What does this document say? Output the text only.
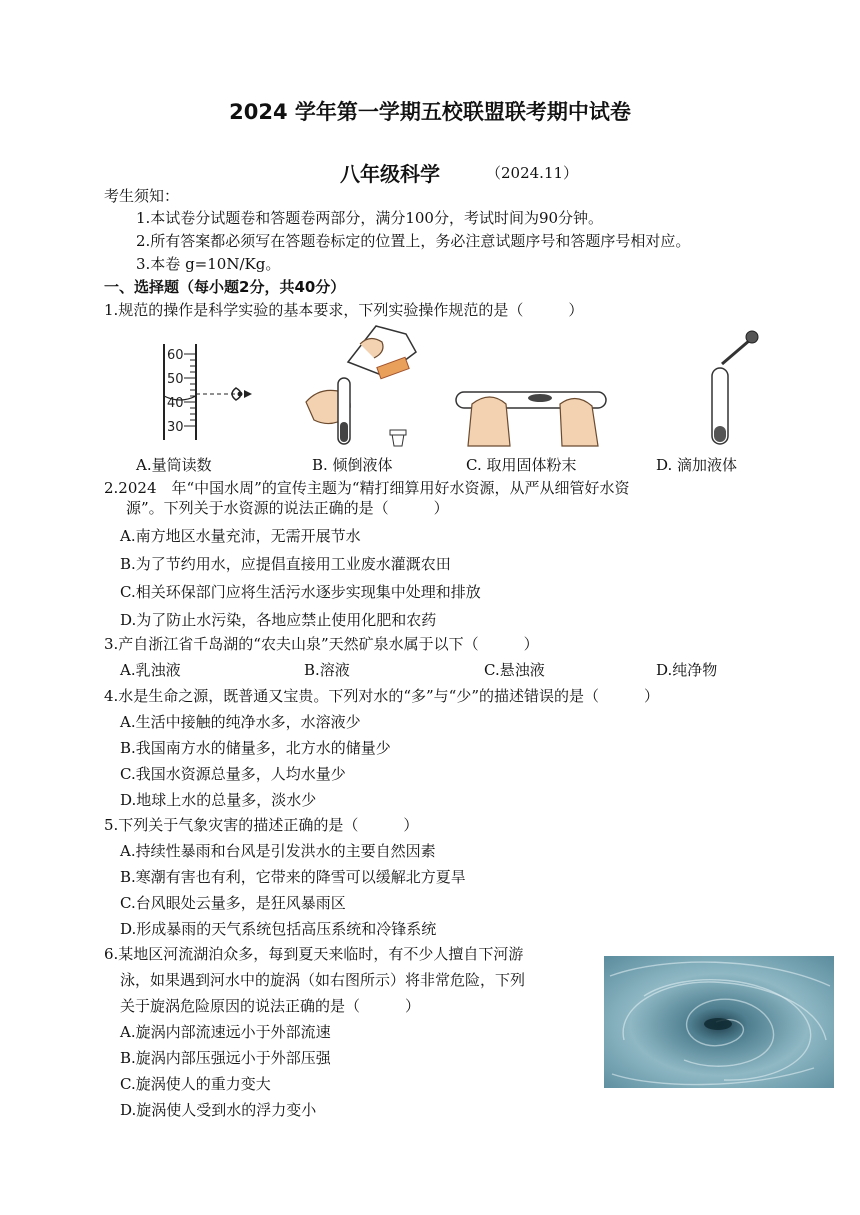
2024 学年第一学期五校联盟联考期中试卷
八年级科学	（2024.11）
考生须知：
1.本试卷分试题卷和答题卷两部分，满分100分，考试时间为90分钟。
2.所有答案都必须写在答题卷标定的位置上，务必注意试题序号和答题序号相对应。
3.本卷 g=10N/Kg。
一、选择题（每小题2分，共40分）
1.规范的操作是科学实验的基本要求，下列实验操作规范的是（　　　）
60
50
40
30
A.量筒读数	B. 倾倒液体	C. 取用固体粉末	D. 滴加液体
2.2024　年“中国水周”的宣传主题为“精打细算用好水资源，从严从细管好水资
源”。下列关于水资源的说法正确的是（　　　）
A.南方地区水量充沛，无需开展节水
B.为了节约用水，应提倡直接用工业废水灌溉农田
C.相关环保部门应将生活污水逐步实现集中处理和排放
D.为了防止水污染，各地应禁止使用化肥和农药
3.产自浙江省千岛湖的“农夫山泉”天然矿泉水属于以下（　　　）
A.乳浊液	B.溶液	C.悬浊液	D.纯净物
4.水是生命之源，既普通又宝贵。下列对水的“多”与“少”的描述错误的是（　　　）
A.生活中接触的纯净水多，水溶液少
B.我国南方水的储量多，北方水的储量少
C.我国水资源总量多，人均水量少
D.地球上水的总量多，淡水少
5.下列关于气象灾害的描述正确的是（　　　）
A.持续性暴雨和台风是引发洪水的主要自然因素
B.寒潮有害也有利，它带来的降雪可以缓解北方夏旱
C.台风眼处云量多，是狂风暴雨区
D.形成暴雨的天气系统包括高压系统和冷锋系统
6.某地区河流湖泊众多，每到夏天来临时，有不少人擅自下河游
泳，如果遇到河水中的旋涡（如右图所示）将非常危险，下列
关于旋涡危险原因的说法正确的是（　　　）
A.旋涡内部流速远小于外部流速
B.旋涡内部压强远小于外部压强
C.旋涡使人的重力变大
D.旋涡使人受到水的浮力变小
